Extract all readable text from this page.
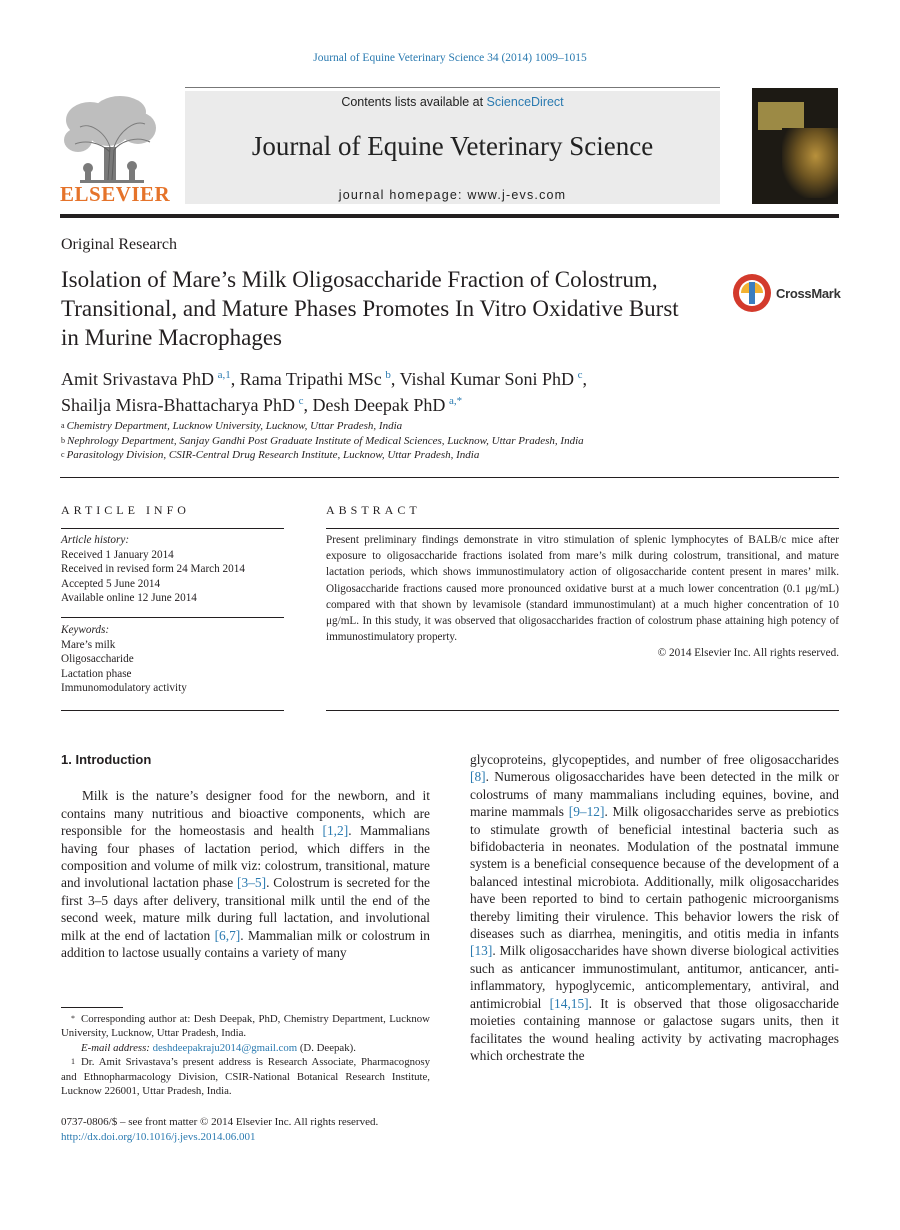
Journal of Equine Veterinary Science 34 (2014) 1009–1015
ELSEVIER
Contents lists available at ScienceDirect
Journal of Equine Veterinary Science
journal homepage: www.j-evs.com
Original Research
Isolation of Mare’s Milk Oligosaccharide Fraction of Colostrum, Transitional, and Mature Phases Promotes In Vitro Oxidative Burst in Murine Macrophages
CrossMark
Amit Srivastava PhD  $^{a,1}$, Rama Tripathi MSc  $^b$, Vishal Kumar Soni PhD  $^c$,
Shailja Misra-Bhattacharya PhD  $^c$, Desh Deepak PhD  $^{a,*}$
$^a$ Chemistry Department, Lucknow University, Lucknow, Uttar Pradesh, India
$^b$ Nephrology Department, Sanjay Gandhi Post Graduate Institute of Medical Sciences, Lucknow, Uttar Pradesh, India
$^c$ Parasitology Division, CSIR-Central Drug Research Institute, Lucknow, Uttar Pradesh, India
ARTICLE INFO	ABSTRACT
Article history:
Received 1 January 2014
Received in revised form 24 March 2014
Accepted 5 June 2014
Available online 12 June 2014
Keywords:
Mare’s milk
Oligosaccharide
Lactation phase
Immunomodulatory activity
Present preliminary findings demonstrate in vitro stimulation of splenic lymphocytes of BALB/c mice after exposure to oligosaccharide fractions isolated from mare’s milk during colostrum, transitional, and mature lactation periods, which shows immunostimulatory action of oligosaccharide content present in mares’ milk. Oligosaccharide fractions caused more pronounced oxidative burst at a much lower concentration (0.1 μg/mL) compared with that shown by levamisole (standard immunostimulant) at a much higher concentration of 10 μg/mL. In this study, it was observed that oligosaccharides fraction of colostrum phase attaining high potency of immunostimulatory property.
© 2014 Elsevier Inc. All rights reserved.
1. Introduction

Milk is the nature’s designer food for the newborn, and it contains many nutritious and bioactive components, which are responsible for the homeostasis and health [1,2]. Mammalians having four phases of lactation period, which differs in the composition and volume of milk viz: colostrum, transitional, mature and involutional lactation phase [3–5]. Colostrum is secreted for the first 3–5 days after delivery, transitional milk until the end of the second week, mature milk during full lactation, and involutional milk at the end of lactation [6,7]. Mammalian milk or colostrum in addition to lactose usually contains a variety of many

glycoproteins, glycopeptides, and number of free oligosaccharides [8]. Numerous oligosaccharides have been detected in the milk or colostrums of many mammalians including equines, bovine, and marine mammals [9–12]. Milk oligosaccharides serve as prebiotics to stimulate growth of beneficial intestinal bacteria such as bifidobacteria in neonates. Modulation of the postnatal immune system is a beneficial consequence because of the development of a balanced intestinal microbiota. Additionally, milk oligosaccharides have been reported to bind to certain pathogenic microorganisms thereby limiting their virulence. This behavior lowers the risk of diseases such as diarrhea, meningitis, and otitis media in infants [13]. Milk oligosaccharides have shown diverse biological activities such as anticancer immunostimulant, antitumor, anticancer, anti-inflammatory, hypoglycemic, anticomplementary, antiviral, and antimicrobial [14,15]. It is observed that those oligosaccharide moieties containing mannose or galactose sugars units, then it facilitates the wound healing activity by activating macrophages which orchestrate the

* Corresponding author at: Desh Deepak, PhD, Chemistry Department, Lucknow University, Lucknow, Uttar Pradesh, India.
E-mail address: deshdeepakraju2014@gmail.com (D. Deepak).
$^1$ Dr. Amit Srivastava’s present address is Research Associate, Pharmacognosy and Ethnopharmacology Division, CSIR-National Botanical Research Institute, Lucknow 226001, Uttar Pradesh, India.
0737-0806/$ – see front matter © 2014 Elsevier Inc. All rights reserved.
http://dx.doi.org/10.1016/j.jevs.2014.06.001
